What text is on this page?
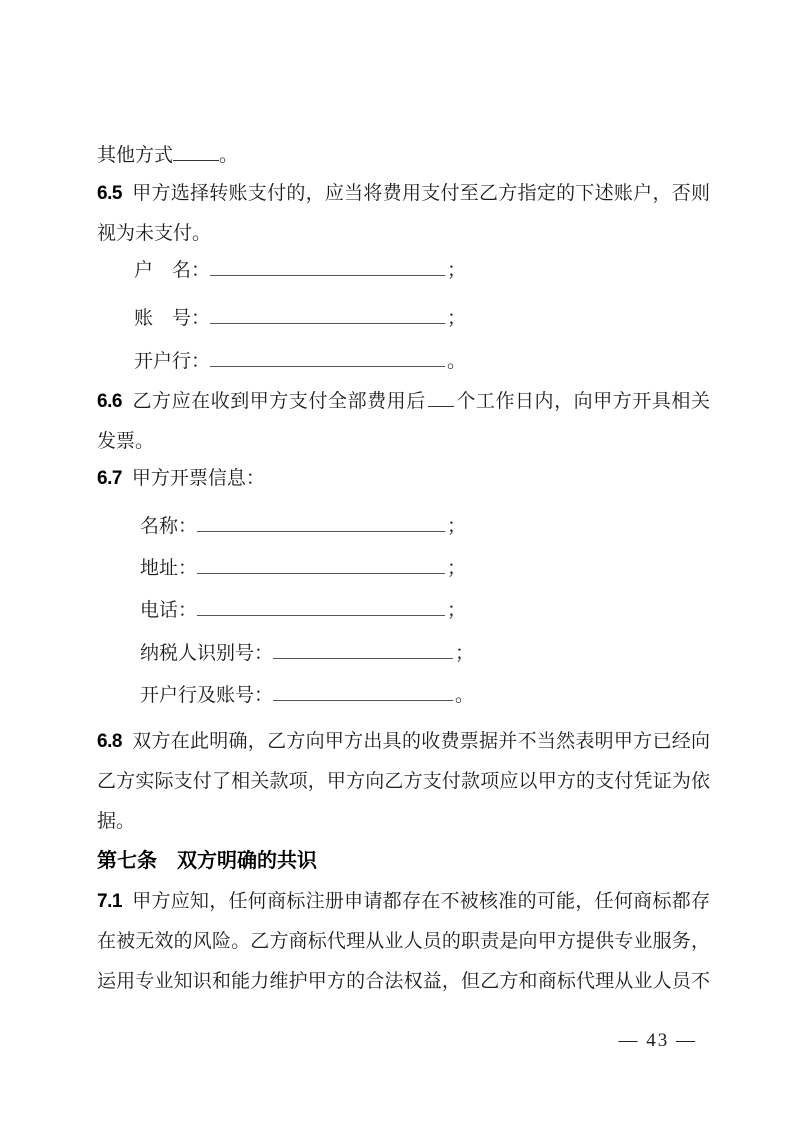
其他方式 。
6.5 甲方选择转账支付的，应当将费用支付至乙方指定的下述账户，否则
视为未支付。
户　名：	；
账　号：	；
开户行：	。
6.6 乙方应在收到甲方支付全部费用后 个工作日内，向甲方开具相关
发票。
6.7 甲方开票信息：
名称：	；
地址：	；
电话：	；
纳税人识别号：	；
开户行及账号：	。
6.8 双方在此明确，乙方向甲方出具的收费票据并不当然表明甲方已经向
乙方实际支付了相关款项，甲方向乙方支付款项应以甲方的支付凭证为依
据。
第七条　双方明确的共识
7.1 甲方应知，任何商标注册申请都存在不被核准的可能，任何商标都存
在被无效的风险。乙方商标代理从业人员的职责是向甲方提供专业服务，
运用专业知识和能力维护甲方的合法权益，但乙方和商标代理从业人员不
— 43 —
